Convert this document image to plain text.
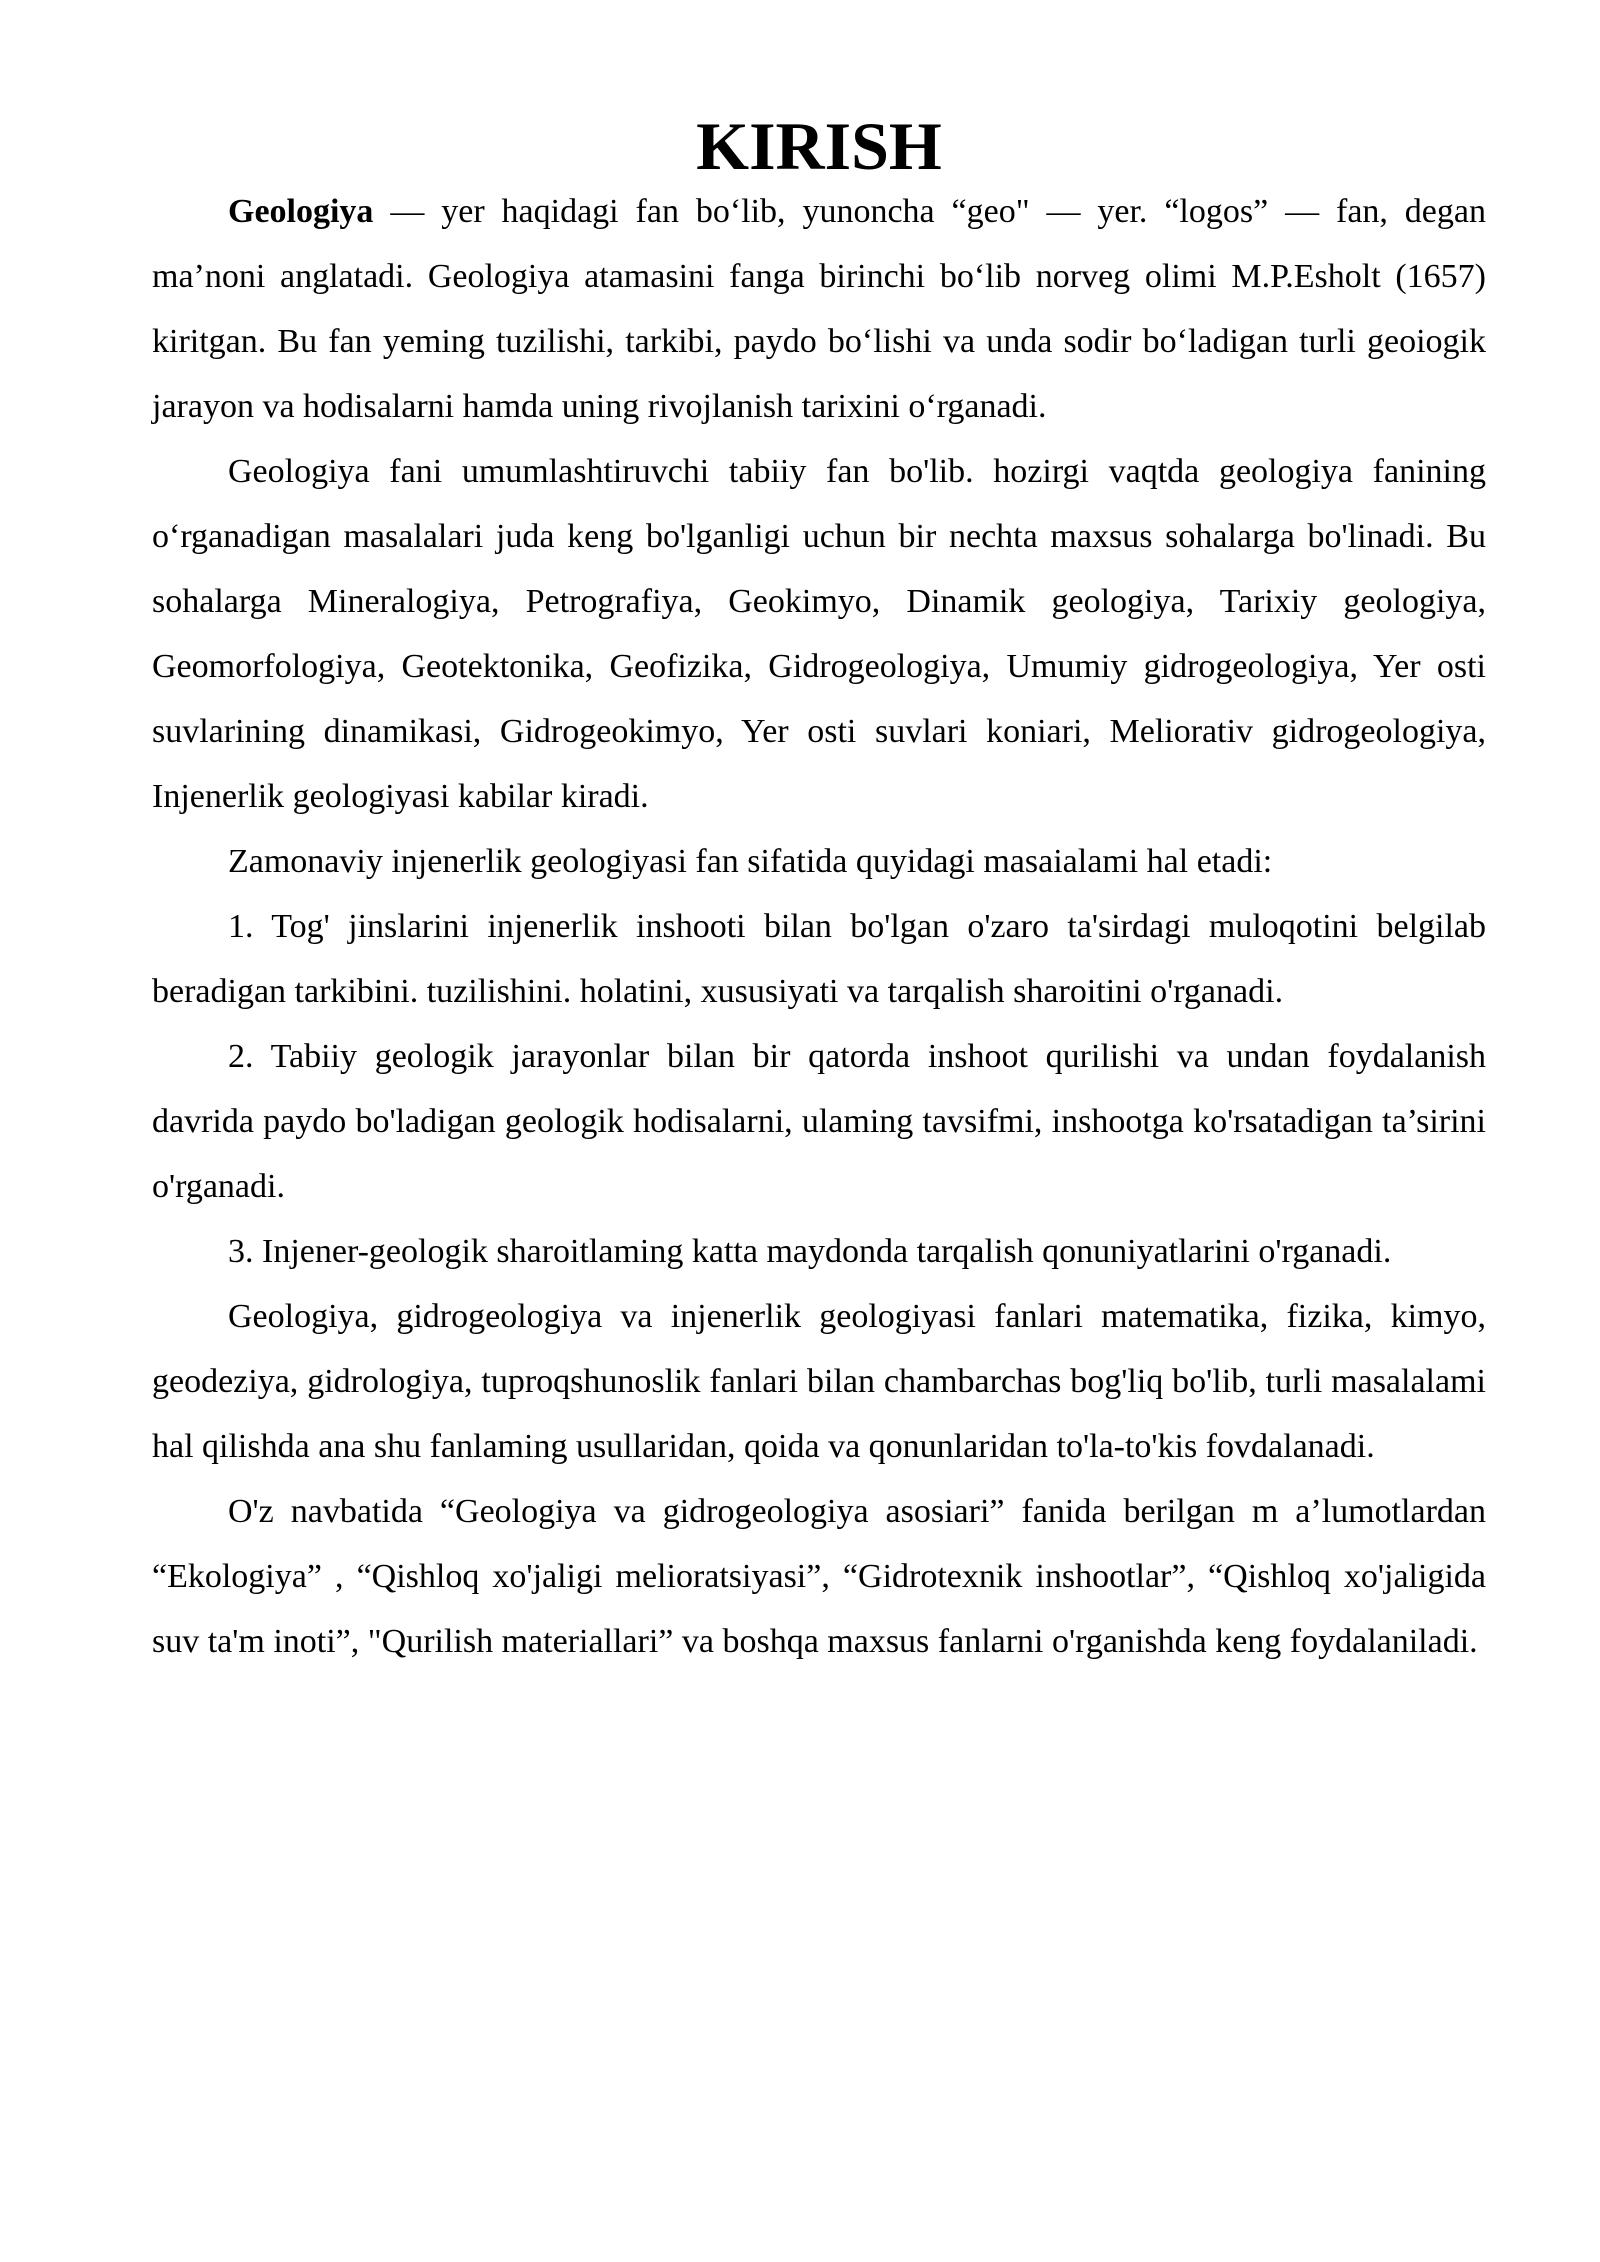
KIRISH

Geologiya — yer haqidagi fan bo‘lib, yunoncha “geo" — yer. “logos” — fan, degan ma’noni anglatadi. Geologiya atamasini fanga birinchi bo‘lib norveg olimi M.P.Esholt (1657) kiritgan. Bu fan yeming tuzilishi, tarkibi, paydo bo‘lishi va unda sodir bo‘ladigan turli geoiogik jarayon va hodisalarni hamda uning rivojlanish tarixini o‘rganadi.

Geologiya fani umumlashtiruvchi tabiiy fan bo'lib. hozirgi vaqtda geologiya fanining o‘rganadigan masalalari juda keng bo'lganligi uchun bir nechta maxsus sohalarga bo'linadi. Bu sohalarga Mineralogiya, Petrografiya, Geokimyo, Dinamik geologiya, Tarixiy geologiya, Geomorfologiya, Geotektonika, Geofizika, Gidrogeologiya, Umumiy gidrogeologiya, Yer osti suvlarining dinamikasi, Gidrogeokimyo, Yer osti suvlari koniari, Meliorativ gidrogeologiya, Injenerlik geologiyasi kabilar kiradi.

Zamonaviy injenerlik geologiyasi fan sifatida quyidagi masaialami hal etadi:

1. Tog' jinslarini injenerlik inshooti bilan bo'lgan o'zaro ta'sirdagi muloqotini belgilab beradigan tarkibini. tuzilishini. holatini, xususiyati va tarqalish sharoitini o'rganadi.

2. Tabiiy geologik jarayonlar bilan bir qatorda inshoot qurilishi va undan foydalanish davrida paydo bo'ladigan geologik hodisalarni, ulaming tavsifmi, inshootga ko'rsatadigan ta’sirini o'rganadi.

3. Injener-geologik sharoitlaming katta maydonda tarqalish qonuniyatlarini o'rganadi.

Geologiya, gidrogeologiya va injenerlik geologiyasi fanlari matematika, fizika, kimyo, geodeziya, gidrologiya, tuproqshunoslik fanlari bilan chambarchas bog'liq bo'lib, turli masalalami hal qilishda ana shu fanlaming usullaridan, qoida va qonunlaridan to'la-to'kis fovdalanadi.

O'z navbatida “Geologiya va gidrogeologiya asosiari” fanida berilgan m a’lumotlardan “Ekologiya” , “Qishloq xo'jaligi melioratsiyasi”, “Gidrotexnik inshootlar”, “Qishloq xo'jaligida suv ta'm inoti”, "Qurilish materiallari” va boshqa maxsus fanlarni o'rganishda keng foydalaniladi.
